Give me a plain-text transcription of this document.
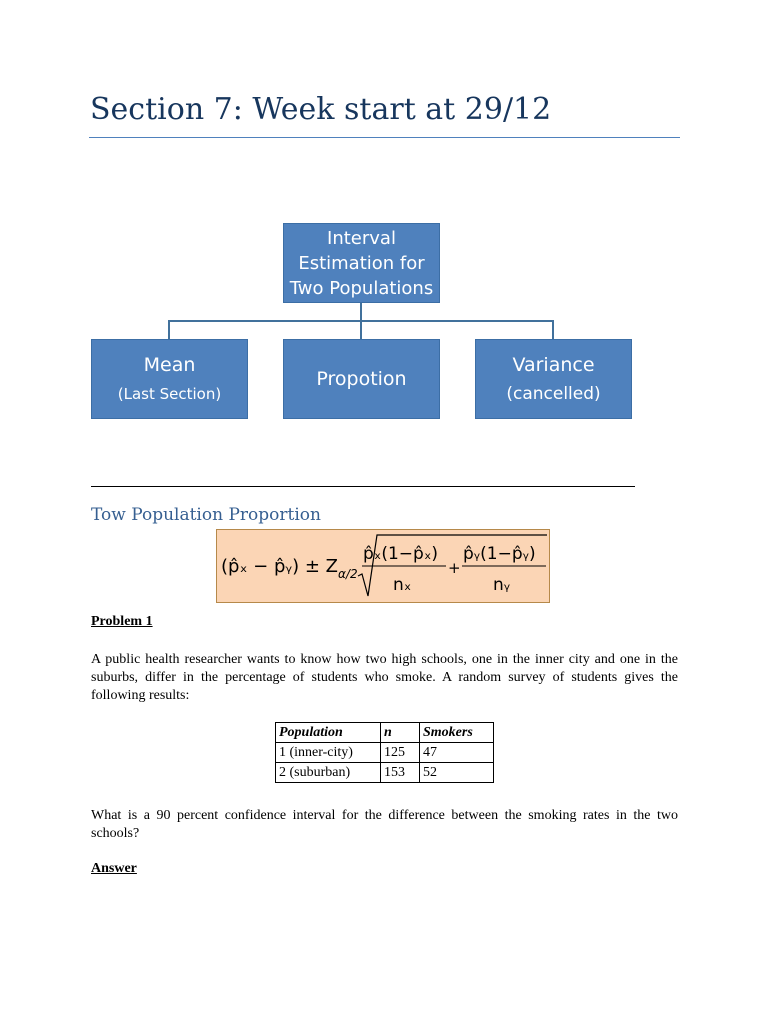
Section 7: Week start at 29/12
Interval
Estimation for
Two Populations
Mean
(Last Section)
Propotion
Variance
(cancelled)
Tow Population Proportion
(p̂ₓ − p̂ᵧ) ± Z α/2
p̂ₓ(1−p̂ₓ)
nₓ
+
p̂ᵧ(1−p̂ᵧ)
nᵧ
Problem 1
A public health researcher wants to know how two high schools, one in the inner city and one in the suburbs, differ in the percentage of students who smoke. A random survey of students gives the following results:
Population	n	Smokers
1 (inner-city)	125	47
2 (suburban)	153	52
What is a 90 percent confidence interval for the difference between the smoking rates in the two schools?
Answer
